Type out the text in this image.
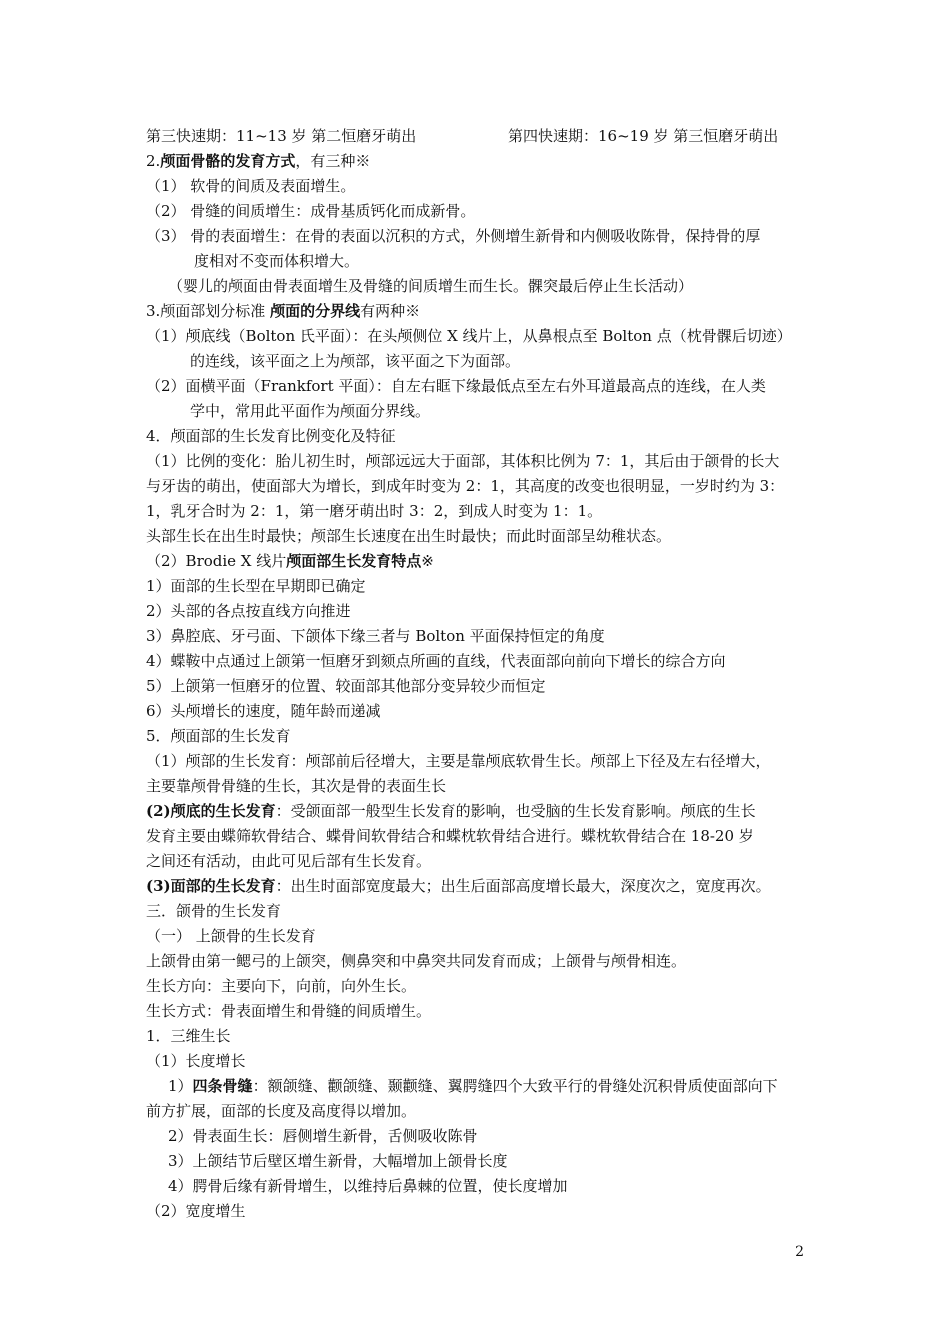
第三快速期：11~13 岁 第二恒磨牙萌出	第四快速期：16~19 岁 第三恒磨牙萌出
2.颅面骨骼的发育方式，有三种※
（1） 软骨的间质及表面增生。
（2） 骨缝的间质增生：成骨基质钙化而成新骨。
（3） 骨的表面增生：在骨的表面以沉积的方式，外侧增生新骨和内侧吸收陈骨，保持骨的厚
度相对不变而体积增大。
（婴儿的颅面由骨表面增生及骨缝的间质增生而生长。髁突最后停止生长活动）
3.颅面部划分标准 颅面的分界线有两种※
（1）颅底线（Bolton 氏平面）：在头颅侧位 X 线片上，从鼻根点至 Bolton 点（枕骨髁后切迹）
的连线，该平面之上为颅部，该平面之下为面部。
（2）面横平面（Frankfort 平面）：自左右眶下缘最低点至左右外耳道最高点的连线，在人类
学中，常用此平面作为颅面分界线。
4．颅面部的生长发育比例变化及特征
（1）比例的变化：胎儿初生时，颅部远远大于面部，其体积比例为 7：1，其后由于颌骨的长大
与牙齿的萌出，使面部大为增长，到成年时变为 2：1，其高度的改变也很明显，一岁时约为 3：
1，乳牙合时为 2：1，第一磨牙萌出时 3：2，到成人时变为 1：1。
头部生长在出生时最快；颅部生长速度在出生时最快；而此时面部呈幼稚状态。
（2）Brodie X 线片颅面部生长发育特点※
1）面部的生长型在早期即已确定
2）头部的各点按直线方向推进
3）鼻腔底、牙弓面、下颌体下缘三者与 Bolton 平面保持恒定的角度
4）蝶鞍中点通过上颌第一恒磨牙到颏点所画的直线，代表面部向前向下增长的综合方向
5）上颌第一恒磨牙的位置、较面部其他部分变异较少而恒定
6）头颅增长的速度，随年龄而递减
5．颅面部的生长发育
（1）颅部的生长发育：颅部前后径增大，主要是靠颅底软骨生长。颅部上下径及左右径增大，
主要靠颅骨骨缝的生长，其次是骨的表面生长
(2)颅底的生长发育：受颌面部一般型生长发育的影响，也受脑的生长发育影响。颅底的生长
发育主要由蝶筛软骨结合、蝶骨间软骨结合和蝶枕软骨结合进行。蝶枕软骨结合在 18-20 岁
之间还有活动，由此可见后部有生长发育。
(3)面部的生长发育：出生时面部宽度最大；出生后面部高度增长最大，深度次之，宽度再次。
三．颌骨的生长发育
（一） 上颌骨的生长发育
上颌骨由第一鳃弓的上颌突，侧鼻突和中鼻突共同发育而成；上颌骨与颅骨相连。
生长方向：主要向下，向前，向外生长。
生长方式：骨表面增生和骨缝的间质增生。
1．三维生长
（1）长度增长
1）四条骨缝：额颌缝、颧颌缝、颞颧缝、翼腭缝四个大致平行的骨缝处沉积骨质使面部向下
前方扩展，面部的长度及高度得以增加。
2）骨表面生长：唇侧增生新骨，舌侧吸收陈骨
3）上颌结节后壁区增生新骨，大幅增加上颌骨长度
4）腭骨后缘有新骨增生，以维持后鼻棘的位置，使长度增加
（2）宽度增生
2
